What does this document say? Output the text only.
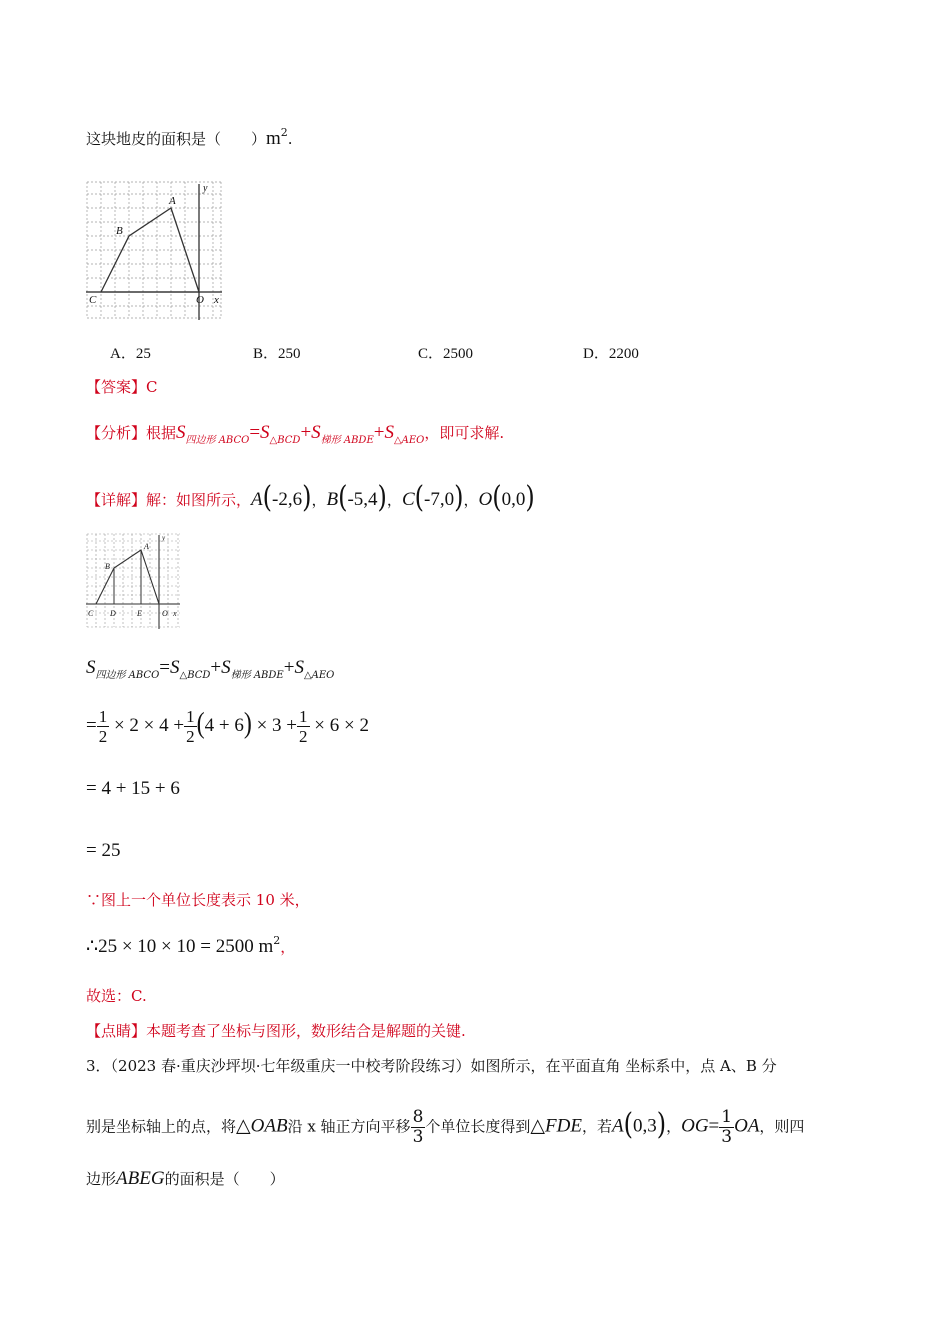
这块地皮的面积是（　　）$m^2$.
y
A
B
C	O x
A．25	B．250	C．2500	D．2200
【答案】C
【分析】根据$S_{四边形 ABCO}=S_{\triangle BCD}+S_{梯形 ABDE}+S_{\triangle AEO}$，即可求解.
【详解】解：如图所示，A(-2,6)，B(-5,4)，C(-7,0)，O(0,0)
y
A
B
C D	E	O x
$S_{四边形 ABCO}=S_{\triangle BCD}+S_{梯形 ABDE}+S_{\triangle AEO}$
= $\frac{1}{2} \times 2 \times 4 + \frac{1}{2} (4 + 6) \times 3 + \frac{1}{2} \times 6 \times 2$
= 4 + 15 + 6
= 25
∵图上一个单位长度表示 10 米，
∴25 × 10 × 10 = 2500 $m^2$，
故选：C.
【点睛】本题考查了坐标与图形，数形结合是解题的关键.
3．（2023 春·重庆沙坪坝·七年级重庆一中校考阶段练习）如图所示，在平面直角 坐标系中，点 A、B 分
别是坐标轴上的点，将△OAB沿 x 轴正方向平移 $\frac{8}{3}$ 个单位长度得到△FDE，若A(0,3)，$OG= \frac{1}{3}$ OA，则四
边形ABEG的面积是（　　）
